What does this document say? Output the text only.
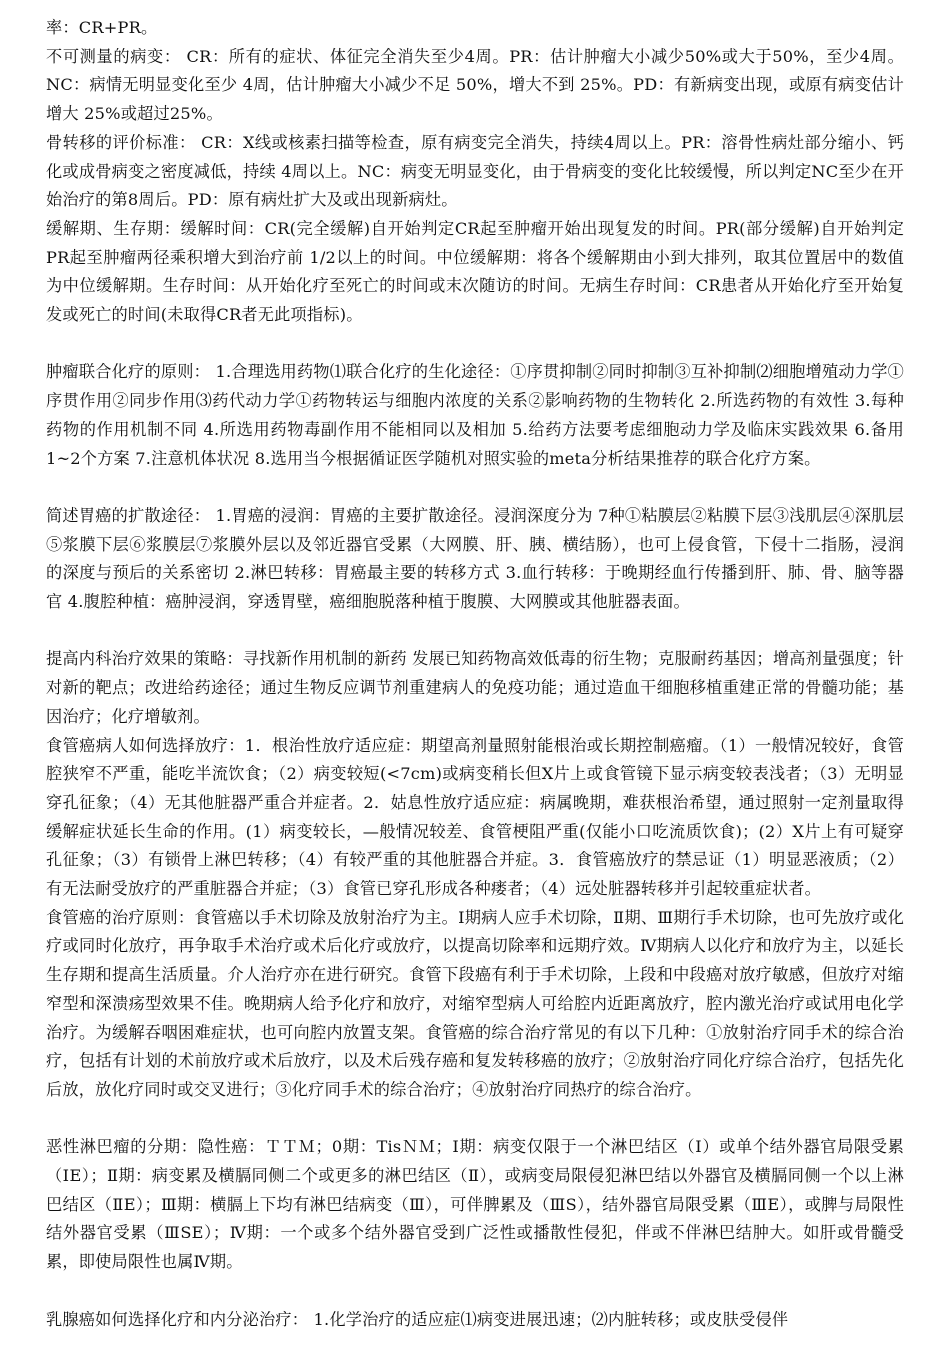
率：CR+PR。

不可测量的病变： CR：所有的症状、体征完全消失至少4周。PR：估计肿瘤大小减少50%或大于50%，至少4周。NC：病情无明显变化至少 4周，估计肿瘤大小减少不足 50%，增大不到 25%。PD：有新病变出现，或原有病变估计增大 25%或超过25%。

骨转移的评价标准： CR：X线或核素扫描等检查，原有病变完全消失，持续4周以上。PR：溶骨性病灶部分缩小、钙化或成骨病变之密度减低，持续 4周以上。NC：病变无明显变化，由于骨病变的变化比较缓慢，所以判定NC至少在开始治疗的第8周后。PD：原有病灶扩大及或出现新病灶。

缓解期、生存期：缓解时间：CR(完全缓解)自开始判定CR起至肿瘤开始出现复发的时间。PR(部分缓解)自开始判定PR起至肿瘤两径乘积增大到治疗前 1/2以上的时间。中位缓解期：将各个缓解期由小到大排列，取其位置居中的数值为中位缓解期。生存时间：从开始化疗至死亡的时间或末次随访的时间。无病生存时间：CR患者从开始化疗至开始复发或死亡的时间(未取得CR者无此项指标)。

肿瘤联合化疗的原则： 1.合理选用药物⑴联合化疗的生化途径：①序贯抑制②同时抑制③互补抑制⑵细胞增殖动力学①序贯作用②同步作用⑶药代动力学①药物转运与细胞内浓度的关系②影响药物的生物转化 2.所选药物的有效性 3.每种药物的作用机制不同 4.所选用药物毒副作用不能相同以及相加 5.给药方法要考虑细胞动力学及临床实践效果 6.备用1~2个方案 7.注意机体状况 8.选用当今根据循证医学随机对照实验的meta分析结果推荐的联合化疗方案。

简述胃癌的扩散途径： 1.胃癌的浸润：胃癌的主要扩散途径。浸润深度分为 7种①粘膜层②粘膜下层③浅肌层④深肌层⑤浆膜下层⑥浆膜层⑦浆膜外层以及邻近器官受累（大网膜、肝、胰、横结肠），也可上侵食管，下侵十二指肠，浸润的深度与预后的关系密切 2.淋巴转移：胃癌最主要的转移方式 3.血行转移：于晚期经血行传播到肝、肺、骨、脑等器官 4.腹腔种植：癌肿浸润，穿透胃壁，癌细胞脱落种植于腹膜、大网膜或其他脏器表面。

提高内科治疗效果的策略：寻找新作用机制的新药 发展已知药物高效低毒的衍生物；克服耐药基因；增高剂量强度；针对新的靶点；改进给药途径；通过生物反应调节剂重建病人的免疫功能；通过造血干细胞移植重建正常的骨髓功能；基因治疗；化疗增敏剂。

食管癌病人如何选择放疗：1．根治性放疗适应症：期望高剂量照射能根治或长期控制癌瘤。（1）一般情况较好，食管腔狭窄不严重，能吃半流饮食；（2）病变较短(<7cm)或病变稍长但X片上或食管镜下显示病变较表浅者；（3）无明显穿孔征象；（4）无其他脏器严重合并症者。2．姑息性放疗适应症：病属晚期，难获根治希望，通过照射一定剂量取得缓解症状延长生命的作用。(1）病变较长，—般情况较差、食管梗阻严重(仅能小口吃流质饮食)；(2）X片上有可疑穿孔征象；（3）有锁骨上淋巴转移；（4）有较严重的其他脏器合并症。3．食管癌放疗的禁忌证（1）明显恶液质；（2）有无法耐受放疗的严重脏器合并症；（3）食管已穿孔形成各种瘘者；（4）远处脏器转移并引起较重症状者。

食管癌的治疗原则：食管癌以手术切除及放射治疗为主。I期病人应手术切除，Ⅱ期、Ⅲ期行手术切除，也可先放疗或化疗或同时化放疗，再争取手术治疗或术后化疗或放疗，以提高切除率和远期疗效。Ⅳ期病人以化疗和放疗为主，以延长生存期和提高生活质量。介人治疗亦在进行研究。食管下段癌有利于手术切除，上段和中段癌对放疗敏感，但放疗对缩窄型和深溃疡型效果不佳。晚期病人给予化疗和放疗，对缩窄型病人可给腔内近距离放疗，腔内激光治疗或试用电化学治疗。为缓解吞咽困难症状，也可向腔内放置支架。食管癌的综合治疗常见的有以下几种：①放射治疗同手术的综合治疗，包括有计划的术前放疗或术后放疗，以及术后残存癌和复发转移癌的放疗；②放射治疗同化疗综合治疗，包括先化后放，放化疗同时或交叉进行；③化疗同手术的综合治疗；④放射治疗同热疗的综合治疗。

恶性淋巴瘤的分期：隐性癌：ＴＴＭ；0期：TisＮＭ；Ⅰ期：病变仅限于一个淋巴结区（Ⅰ）或单个结外器官局限受累（ⅠE）；Ⅱ期：病变累及横膈同侧二个或更多的淋巴结区（Ⅱ），或病变局限侵犯淋巴结以外器官及横膈同侧一个以上淋巴结区（ⅡE）；Ⅲ期：横膈上下均有淋巴结病变（Ⅲ），可伴脾累及（ⅢS），结外器官局限受累（ⅢE），或脾与局限性结外器官受累（ⅢSE）；Ⅳ期：一个或多个结外器官受到广泛性或播散性侵犯，伴或不伴淋巴结肿大。如肝或骨髓受累，即使局限性也属Ⅳ期。

乳腺癌如何选择化疗和内分泌治疗： 1.化学治疗的适应症⑴病变进展迅速；⑵内脏转移；或皮肤受侵伴
